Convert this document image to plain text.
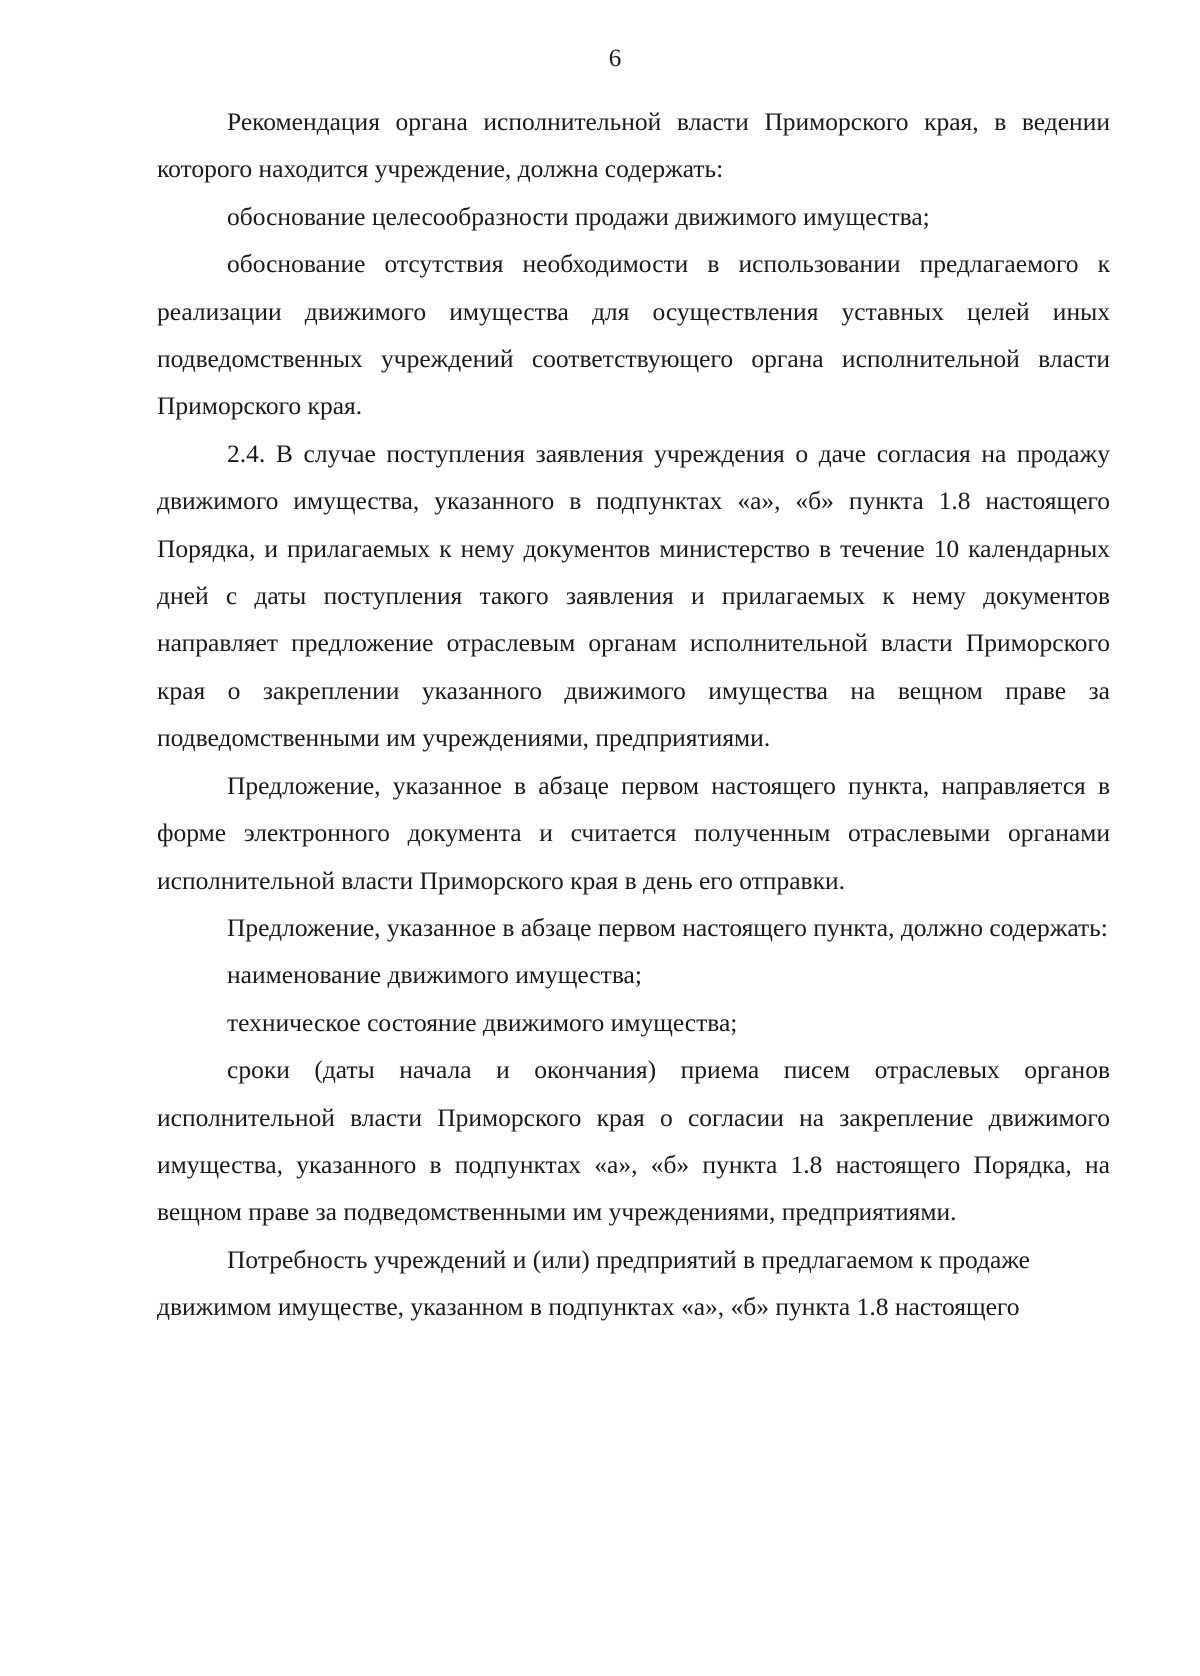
6

Рекомендация органа исполнительной власти Приморского края, в ведении которого находится учреждение, должна содержать:

обоснование целесообразности продажи движимого имущества;

обоснование отсутствия необходимости в использовании предлагаемого к реализации движимого имущества для осуществления уставных целей иных подведомственных учреждений соответствующего органа исполнительной власти Приморского края.

2.4. В случае поступления заявления учреждения о даче согласия на продажу движимого имущества, указанного в подпунктах «а», «б» пункта 1.8 настоящего Порядка, и прилагаемых к нему документов министерство в течение 10 календарных дней с даты поступления такого заявления и прилагаемых к нему документов направляет предложение отраслевым органам исполнительной власти Приморского края о закреплении указанного движимого имущества на вещном праве за подведомственными им учреждениями, предприятиями.

Предложение, указанное в абзаце первом настоящего пункта, направляется в форме электронного документа и считается полученным отраслевыми органами исполнительной власти Приморского края в день его отправки.

Предложение, указанное в абзаце первом настоящего пункта, должно содержать:

наименование движимого имущества;

техническое состояние движимого имущества;

сроки (даты начала и окончания) приема писем отраслевых органов исполнительной власти Приморского края о согласии на закрепление движимого имущества, указанного в подпунктах «а», «б» пункта 1.8 настоящего Порядка, на вещном праве за подведомственными им учреждениями, предприятиями.

Потребность учреждений и (или) предприятий в предлагаемом к продаже движимом имуществе, указанном в подпунктах «а», «б» пункта 1.8 настоящего
